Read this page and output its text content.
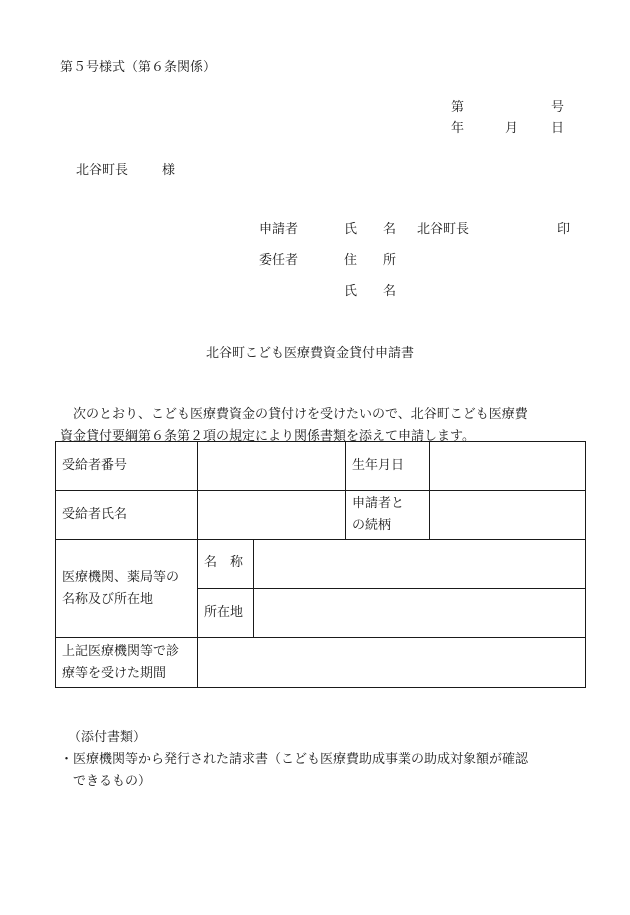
第５号様式（第６条関係）
第	号
年	月	日
北谷町長	様
申請者	氏　　名 北谷町長	印
委任者	住　　所
氏　　名
北谷町こども医療費資金貸付申請書
次のとおり、こども医療費資金の貸付けを受けたいので、北谷町こども医療費
資金貸付要綱第６条第２項の規定により関係書類を添えて申請します。
受給者番号			生年月日	
受給者氏名			申請者と
の続柄	

医療機関、薬局等の
名称及び所在地	名　称			
	所在地			

上記医療機関等で診
療等を受けた期間				

（添付書類）
・医療機関等から発行された請求書（こども医療費助成事業の助成対象額が確認
　できるもの）
